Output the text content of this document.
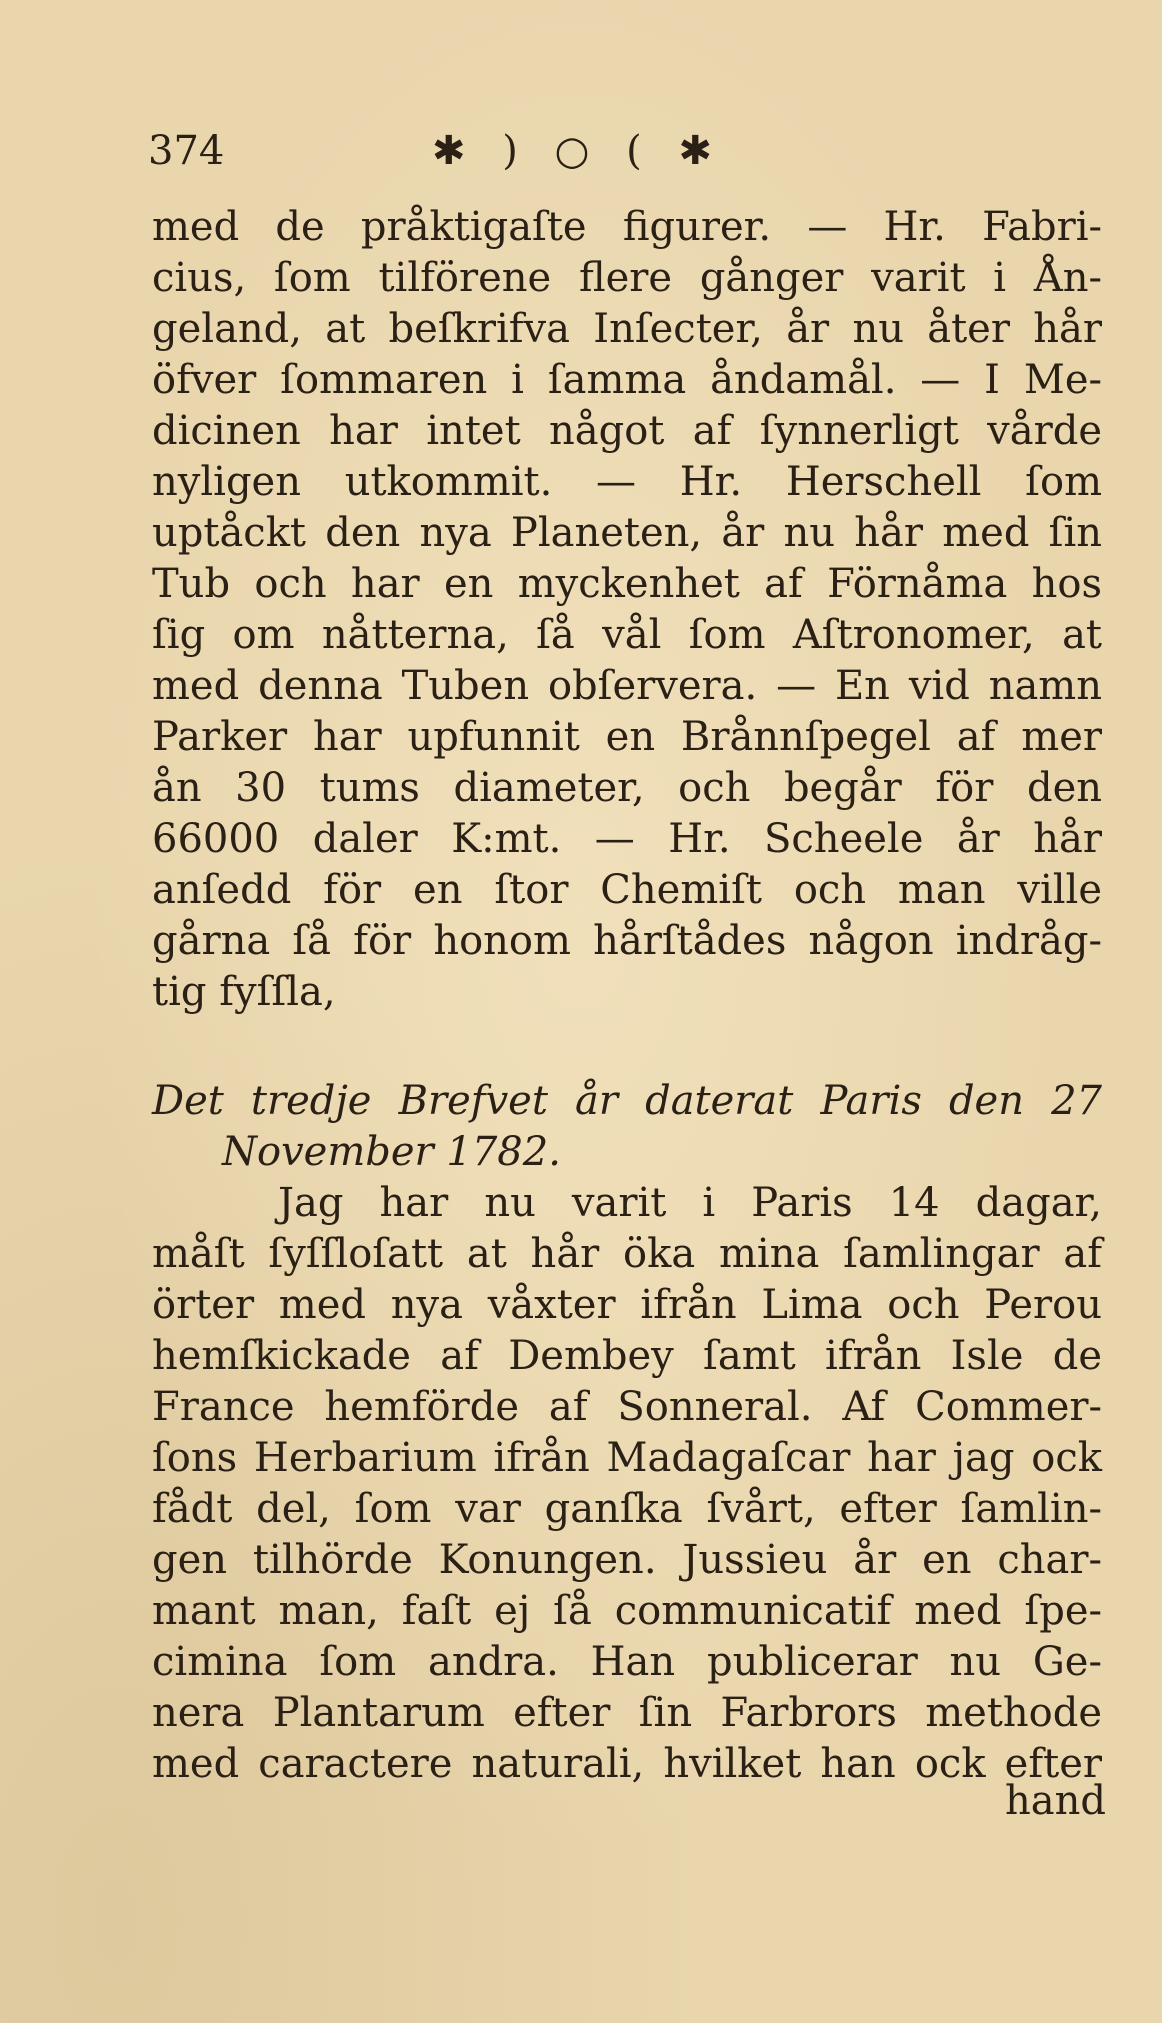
374	✱ ) ○ ( ✱
med de pråktigaſte figurer. — Hr. Fabri-
cius, ſom tilförene flere gånger varit i Ån-
geland, at beſkrifva Inſecter, år nu åter hår
öfver ſommaren i ſamma åndamål. — I Me-
dicinen har intet något af ſynnerligt vårde
nyligen utkommit. — Hr. Herschell ſom
uptåckt den nya Planeten, år nu hår med ſin
Tub och har en myckenhet af Förnåma hos
ſig om nåtterna, ſå vål ſom Aſtronomer, at
med denna Tuben obſervera. — En vid namn
Parker har upfunnit en Brånnſpegel af mer
ån 30 tums diameter, och begår för den
66000 daler K:mt. — Hr. Scheele år hår
anſedd för en ſtor Chemiſt och man ville
gårna ſå för honom hårſtådes någon indråg-
tig fyſſla,
Det tredje Brefvet år daterat Paris den 27
November 1782.
Jag har nu varit i Paris 14 dagar,
måſt ſyſſloſatt at hår öka mina ſamlingar af
örter med nya våxter ifrån Lima och Perou
hemſkickade af Dembey ſamt ifrån Isle de
France hemförde af Sonneral. Af Commer-
ſons Herbarium ifrån Madagaſcar har jag ock
fådt del, ſom var ganſka ſvårt, efter ſamlin-
gen tilhörde Konungen. Jussieu år en char-
mant man, faſt ej ſå communicatif med ſpe-
cimina ſom andra. Han publicerar nu Ge-
nera Plantarum efter ſin Farbrors methode
med caractere naturali, hvilket han ock efter
hand
